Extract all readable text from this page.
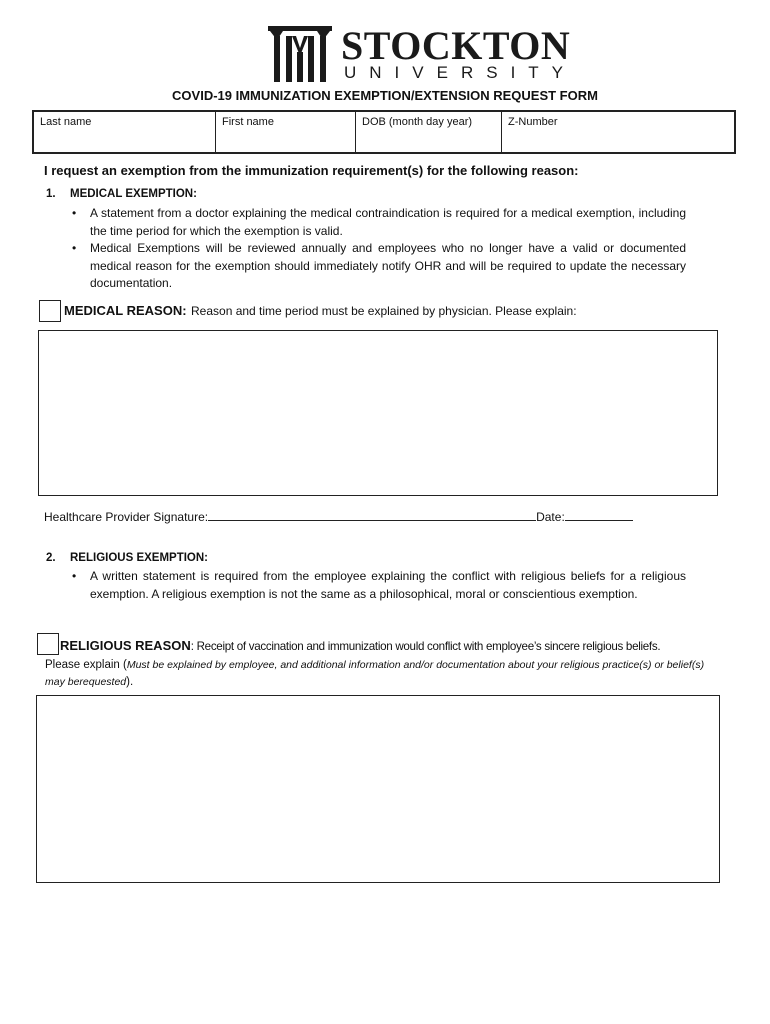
STOCKTON
UNIVERSITY
COVID-19 IMMUNIZATION EXEMPTION/EXTENSION REQUEST FORM
Last name	First name	DOB (month day year)	Z-Number
I request an exemption from the immunization requirement(s) for the following reason:
1. MEDICAL EXEMPTION:
• A statement from a doctor explaining the medical contraindication is required for a medical exemption, including the time period for which the exemption is valid.
• Medical Exemptions will be reviewed annually and employees who no longer have a valid or documented medical reason for the exemption should immediately notify OHR and will be required to update the necessary documentation.
MEDICAL REASON: Reason and time period must be explained by physician. Please explain:
Healthcare Provider Signature:	Date:
2. RELIGIOUS EXEMPTION:
• A written statement is required from the employee explaining the conflict with religious beliefs for a religious exemption. A religious exemption is not the same as a philosophical, moral or conscientious exemption.
RELIGIOUS REASON: Receipt of vaccination and immunization would conflict with employee’s sincere religious beliefs.
Please explain (Must be explained by employee, and additional information and/or documentation about your religious practice(s) or belief(s) may berequested).
